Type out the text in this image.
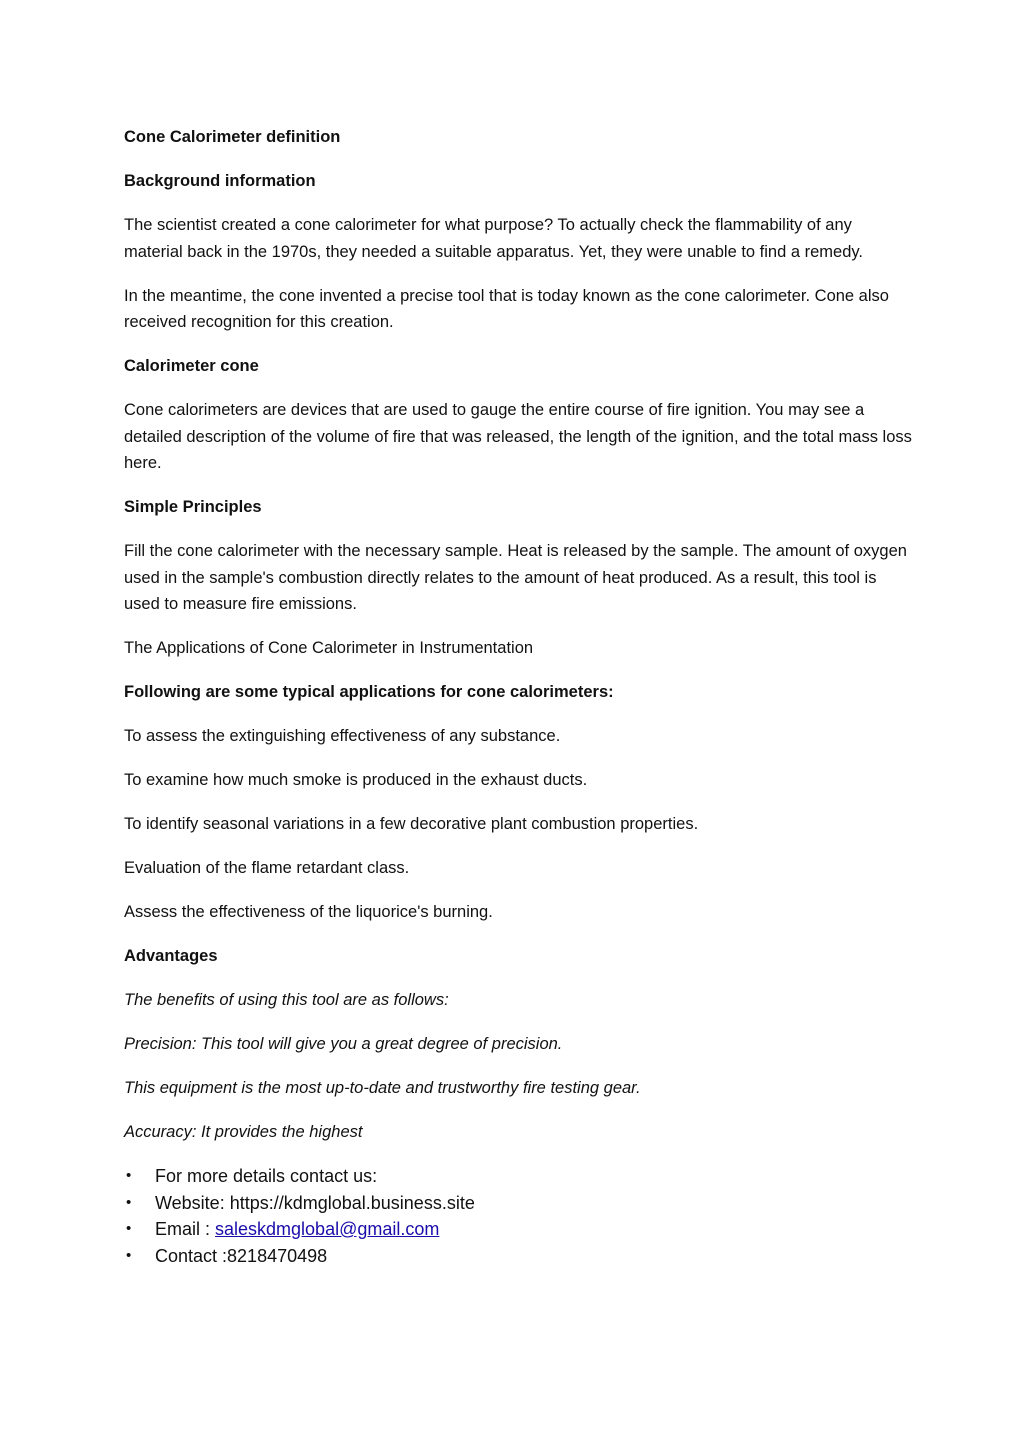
Cone Calorimeter definition

Background information

The scientist created a cone calorimeter for what purpose? To actually check the flammability of any material back in the 1970s, they needed a suitable apparatus. Yet, they were unable to find a remedy.

In the meantime, the cone invented a precise tool that is today known as the cone calorimeter. Cone also received recognition for this creation.

Calorimeter cone

Cone calorimeters are devices that are used to gauge the entire course of fire ignition. You may see a detailed description of the volume of fire that was released, the length of the ignition, and the total mass loss here.

Simple Principles

Fill the cone calorimeter with the necessary sample. Heat is released by the sample. The amount of oxygen used in the sample's combustion directly relates to the amount of heat produced. As a result, this tool is used to measure fire emissions.

The Applications of Cone Calorimeter in Instrumentation

Following are some typical applications for cone calorimeters:

To assess the extinguishing effectiveness of any substance.

To examine how much smoke is produced in the exhaust ducts.

To identify seasonal variations in a few decorative plant combustion properties.

Evaluation of the flame retardant class.

Assess the effectiveness of the liquorice's burning.

Advantages

The benefits of using this tool are as follows:

Precision: This tool will give you a great degree of precision.

This equipment is the most up-to-date and trustworthy fire testing gear.

Accuracy: It provides the highest

• For more details contact us:
• Website: https://kdmglobal.business.site
• Email : saleskdmglobal@gmail.com
• Contact :8218470498
